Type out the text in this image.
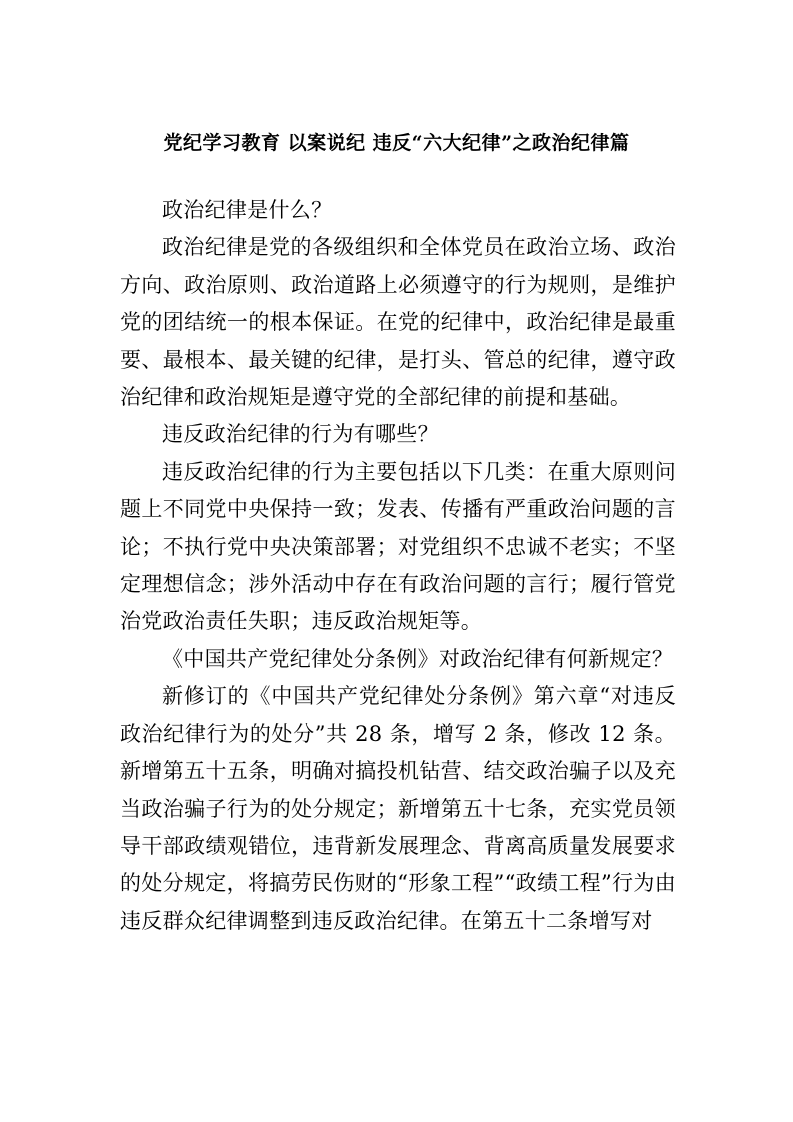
党纪学习教育 以案说纪 违反“六大纪律”之政治纪律篇

政治纪律是什么？

政治纪律是党的各级组织和全体党员在政治立场、政治方向、政治原则、政治道路上必须遵守的行为规则，是维护党的团结统一的根本保证。在党的纪律中，政治纪律是最重要、最根本、最关键的纪律，是打头、管总的纪律，遵守政治纪律和政治规矩是遵守党的全部纪律的前提和基础。

违反政治纪律的行为有哪些？

违反政治纪律的行为主要包括以下几类：在重大原则问题上不同党中央保持一致；发表、传播有严重政治问题的言论；不执行党中央决策部署；对党组织不忠诚不老实；不坚定理想信念；涉外活动中存在有政治问题的言行；履行管党治党政治责任失职；违反政治规矩等。

《中国共产党纪律处分条例》对政治纪律有何新规定？

新修订的《中国共产党纪律处分条例》第六章“对违反政治纪律行为的处分”共 28 条，增写 2 条，修改 12 条。新增第五十五条，明确对搞投机钻营、结交政治骗子以及充当政治骗子行为的处分规定；新增第五十七条，充实党员领导干部政绩观错位，违背新发展理念、背离高质量发展要求的处分规定，将搞劳民伤财的“形象工程”“政绩工程”行为由违反群众纪律调整到违反政治纪律。在第五十二条增写对
